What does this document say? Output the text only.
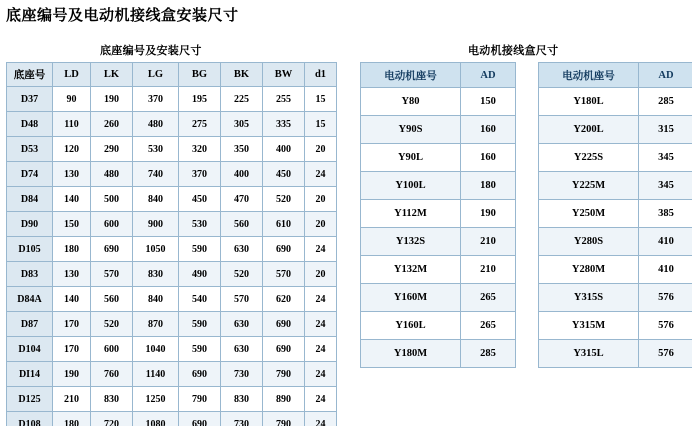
底座编号及电动机接线盒安装尺寸
底座编号及安装尺寸	电动机接线盒尺寸
底座号	LD	LK	LG	BG	BK	BW	d1
D37	90	190	370	195	225	255	15
D48	110	260	480	275	305	335	15
D53	120	290	530	320	350	400	20
D74	130	480	740	370	400	450	24
D84	140	500	840	450	470	520	20
D90	150	600	900	530	560	610	20
D105	180	690	1050	590	630	690	24
D83	130	570	830	490	520	570	20
D84A	140	560	840	540	570	620	24
D87	170	520	870	590	630	690	24
D104	170	600	1040	590	630	690	24
DI14	190	760	1140	690	730	790	24
D125	210	830	1250	790	830	890	24
D108	180	720	1080	690	730	790	24
电动机座号	AD
Y80	150
Y90S	160
Y90L	160
Y100L	180
Y112M	190
Y132S	210
Y132M	210
Y160M	265
Y160L	265
Y180M	285
电动机座号	AD
Y180L	285
Y200L	315
Y225S	345
Y225M	345
Y250M	385
Y280S	410
Y280M	410
Y315S	576
Y315M	576
Y315L	576
